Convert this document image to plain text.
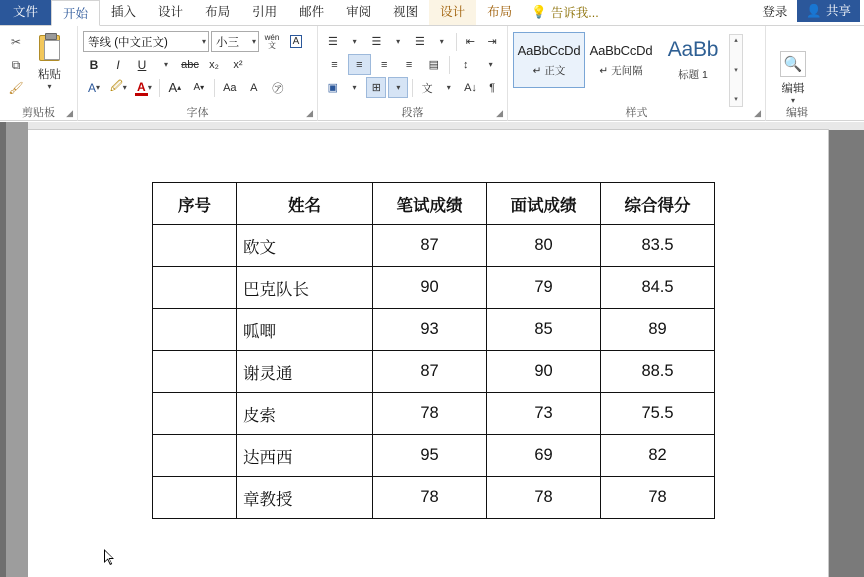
文件	开始	插入	设计	布局	引用	邮件	审阅	视图	设计	布局	💡 告诉我...	登录	👤 共享
✂
⧉
🖌
粘贴
▾
剪贴板	◢
等线 (中文正文)	▾ 小三	▾ wén
文	A
B I U ▾ abc x₂ x²
A ▾ 🖉 ▾ A ▾ A ▴ A ▾ Aa A ㋐
字体	◢
☰ ▾ ☰ ▾ ☰ ▾ ⇤ ⇥
≡ ≡ ≡ ≡ ▤ ↕	▾
▣ ▾ ⊞ ▾ 文 ▾ A↓ ¶
段落	◢
AaBbCcDd
↵ 正文
AaBbCcDd
↵ 无间隔
AaBb
标题 1
▴
▾
▾
样式	◢
🔍
编辑
▾
编辑
序号	姓名	笔试成绩	面试成绩	综合得分
	欧文	87	80	83.5
	巴克队长	90	79	84.5
	呱唧	93	85	89
	谢灵通	87	90	88.5
	皮索	78	73	75.5
	达西西	95	69	82
	章教授	78	78	78
